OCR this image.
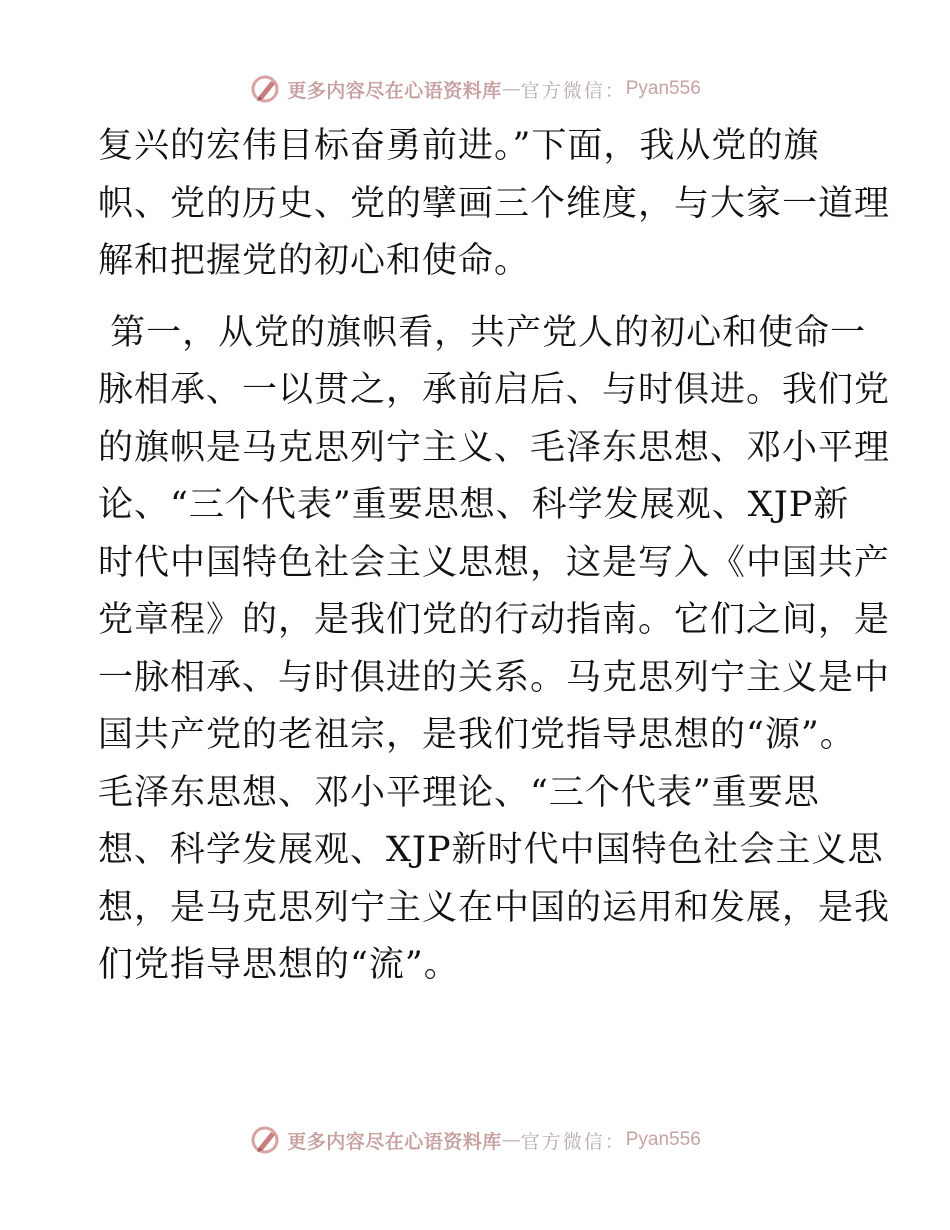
更多内容尽在心语资料库 — 官方微信： Pyan556

复兴的宏伟目标奋勇前进。”下面，我从党的旗
帜、党的历史、党的擘画三个维度，与大家一道理
解和把握党的初心和使命。

第一，从党的旗帜看，共产党人的初心和使命一
脉相承、一以贯之，承前启后、与时俱进。我们党
的旗帜是马克思列宁主义、毛泽东思想、邓小平理
论、“三个代表”重要思想、科学发展观、XJP新
时代中国特色社会主义思想，这是写入《中国共产
党章程》的，是我们党的行动指南。它们之间，是
一脉相承、与时俱进的关系。马克思列宁主义是中
国共产党的老祖宗，是我们党指导思想的“源”。
毛泽东思想、邓小平理论、“三个代表”重要思
想、科学发展观、XJP新时代中国特色社会主义思
想，是马克思列宁主义在中国的运用和发展，是我
们党指导思想的“流”。

更多内容尽在心语资料库 — 官方微信： Pyan556
